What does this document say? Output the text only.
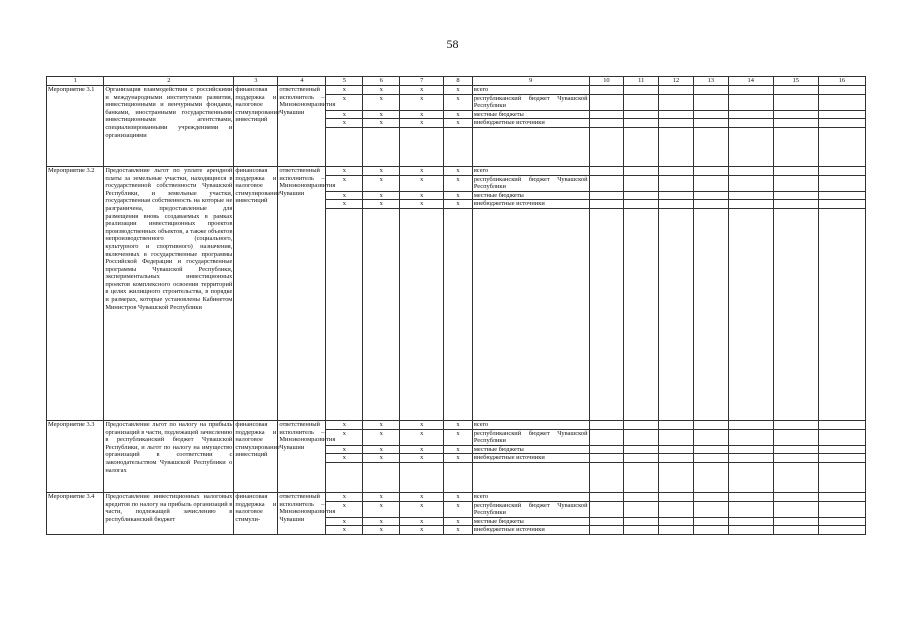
58
1	2	3	4	5	6	7	8	9	10	11	12	13	14	15	16
Мероприятие 3.1	Организация взаимодействия с российскими и международными институтами развития, инвестиционными и венчурными фондами, банками, иностранными государственными инвестиционными агентствами, специализированными учреждениями и организациями	финансовая поддержка и налоговое стимулирование инвестиций	ответственный исполнитель – Минэкономразвития Чувашии	х	х	х	х	всего							
				х	х	х	х	республиканский бюджет Чувашской Республики							
				х	х	х	х	местные бюджеты							
				х	х	х	х	внебюджетные источники							

Мероприятие 3.2	Предоставление льгот по уплате арендной платы за земельные участки, находящиеся в государственной собственности Чувашской Республики, и земельные участки, государственная собственность на которые не разграничена, предоставленные для размещения вновь создаваемых в рамках реализации инвестиционных проектов производственных объектов, а также объектов непроизводственного (социального, культурного и спортивного) назначения, включенных в государственные программы Российской Федерации и государственные программы Чувашской Республики, экспериментальных инвестиционных проектов комплексного освоения территорий в целях жилищного строительства, в порядке и размерах, которые установлены Кабинетом Министров Чувашской Республики	финансовая поддержка и налоговое стимулирование инвестиций	ответственный исполнитель – Минэкономразвития Чувашии	х	х	х	х	всего							
				х	х	х	х	республиканский бюджет Чувашской Республики							
				х	х	х	х	местные бюджеты							
				х	х	х	х	внебюджетные источники							

Мероприятие 3.3	Предоставление льгот по налогу на прибыль организаций в части, подлежащей зачислению в республиканский бюджет Чувашской Республики, и льгот по налогу на имущество организаций в соответствии с законодательством Чувашской Республики о налогах	финансовая поддержка и налоговое стимулирование инвестиций	ответственный исполнитель – Минэкономразвития Чувашии	х	х	х	х	всего							
				х	х	х	х	республиканский бюджет Чувашской Республики							
				х	х	х	х	местные бюджеты							
				х	х	х	х	внебюджетные источники							

Мероприятие 3.4	Предоставление инвестиционных налоговых кредитов по налогу на прибыль организаций в части, подлежащей зачислению в республиканский бюджет	финансовая поддержка и налоговое стимули-	ответственный исполнитель – Минэкономразвития Чувашии	х	х	х	х	всего							
				х	х	х	х	республиканский бюджет Чувашской Республики							
				х	х	х	х	местные бюджеты							
				х	х	х	х	внебюджетные источники							
